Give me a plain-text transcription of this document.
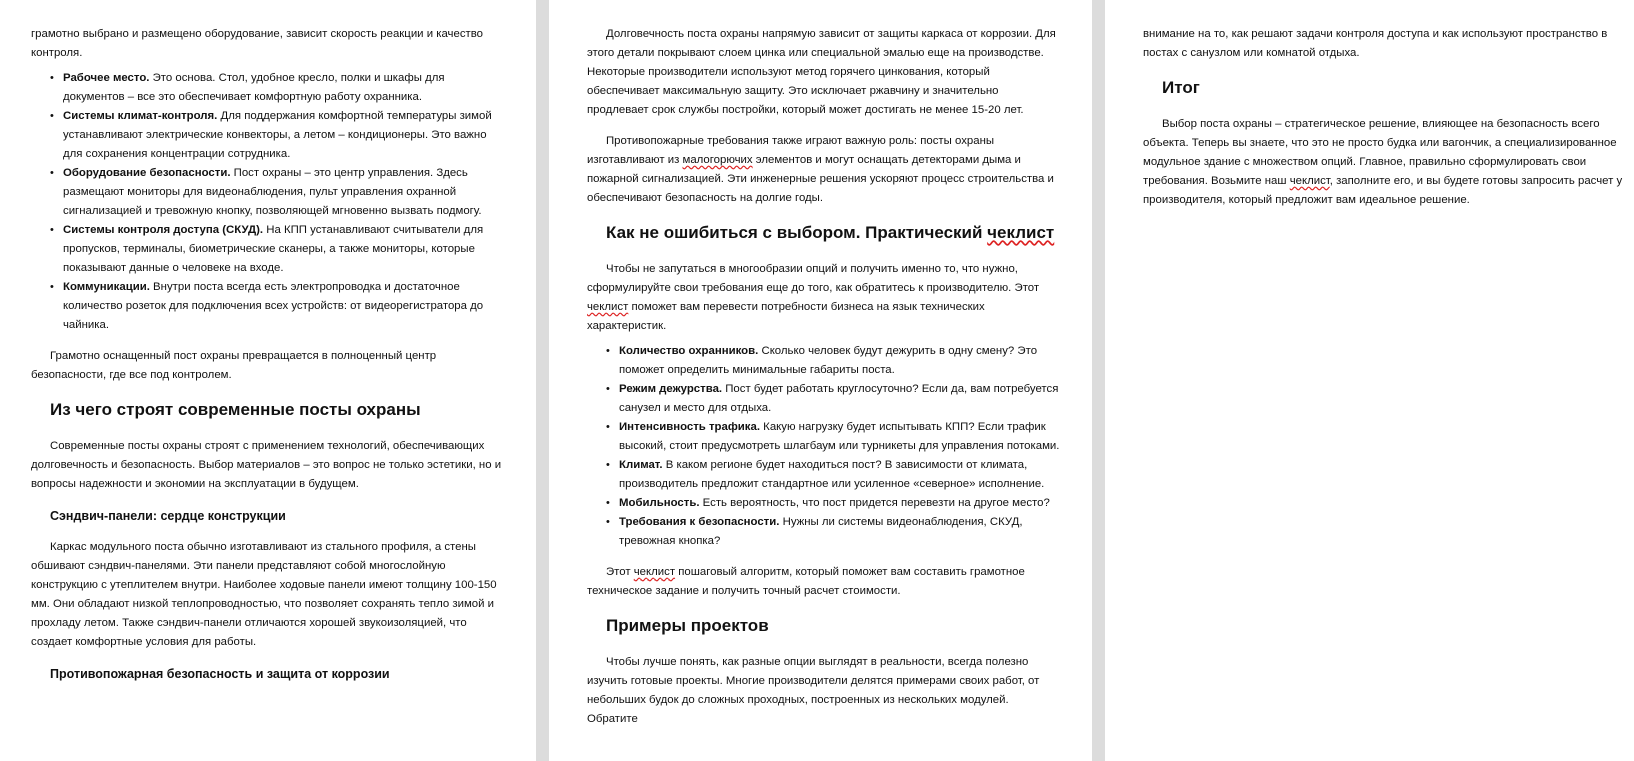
грамотно выбрано и размещено оборудование, зависит скорость реакции и качество контроля.

• Рабочее место. Это основа. Стол, удобное кресло, полки и шкафы для документов – все это обеспечивает комфортную работу охранника.
• Системы климат-контроля. Для поддержания комфортной температуры зимой устанавливают электрические конвекторы, а летом – кондиционеры. Это важно для сохранения концентрации сотрудника.
• Оборудование безопасности. Пост охраны – это центр управления. Здесь размещают мониторы для видеонаблюдения, пульт управления охранной сигнализацией и тревожную кнопку, позволяющей мгновенно вызвать подмогу.
• Системы контроля доступа (СКУД). На КПП устанавливают считыватели для пропусков, терминалы, биометрические сканеры, а также мониторы, которые показывают данные о человеке на входе.
• Коммуникации. Внутри поста всегда есть электропроводка и достаточное количество розеток для подключения всех устройств: от видеорегистратора до чайника.

Грамотно оснащенный пост охраны превращается в полноценный центр безопасности, где все под контролем.

Из чего строят современные посты охраны

Современные посты охраны строят с применением технологий, обеспечивающих долговечность и безопасность. Выбор материалов – это вопрос не только эстетики, но и вопросы надежности и экономии на эксплуатации в будущем.

Сэндвич-панели: сердце конструкции

Каркас модульного поста обычно изготавливают из стального профиля, а стены обшивают сэндвич-панелями. Эти панели представляют собой многослойную конструкцию с утеплителем внутри. Наиболее ходовые панели имеют толщину 100-150 мм. Они обладают низкой теплопроводностью, что позволяет сохранять тепло зимой и прохладу летом. Также сэндвич-панели отличаются хорошей звукоизоляцией, что создает комфортные условия для работы.

Противопожарная безопасность и защита от коррозии

Долговечность поста охраны напрямую зависит от защиты каркаса от коррозии. Для этого детали покрывают слоем цинка или специальной эмалью еще на производстве. Некоторые производители используют метод горячего цинкования, который обеспечивает максимальную защиту. Это исключает ржавчину и значительно продлевает срок службы постройки, который может достигать не менее 15-20 лет.

Противопожарные требования также играют важную роль: посты охраны изготавливают из малогорючих элементов и могут оснащать детекторами дыма и пожарной сигнализацией. Эти инженерные решения ускоряют процесс строительства и обеспечивают безопасность на долгие годы.

Как не ошибиться с выбором. Практический чеклист

Чтобы не запутаться в многообразии опций и получить именно то, что нужно, сформулируйте свои требования еще до того, как обратитесь к производителю. Этот чеклист поможет вам перевести потребности бизнеса на язык технических характеристик.

• Количество охранников. Сколько человек будут дежурить в одну смену? Это поможет определить минимальные габариты поста.
• Режим дежурства. Пост будет работать круглосуточно? Если да, вам потребуется санузел и место для отдыха.
• Интенсивность трафика. Какую нагрузку будет испытывать КПП? Если трафик высокий, стоит предусмотреть шлагбаум или турникеты для управления потоками.
• Климат. В каком регионе будет находиться пост? В зависимости от климата, производитель предложит стандартное или усиленное «северное» исполнение.
• Мобильность. Есть вероятность, что пост придется перевезти на другое место?
• Требования к безопасности. Нужны ли системы видеонаблюдения, СКУД, тревожная кнопка?

Этот чеклист пошаговый алгоритм, который поможет вам составить грамотное техническое задание и получить точный расчет стоимости.

Примеры проектов

Чтобы лучше понять, как разные опции выглядят в реальности, всегда полезно изучить готовые проекты. Многие производители делятся примерами своих работ, от небольших будок до сложных проходных, построенных из нескольких модулей. Обратите

внимание на то, как решают задачи контроля доступа и как используют пространство в постах с санузлом или комнатой отдыха.

Итог

Выбор поста охраны – стратегическое решение, влияющее на безопасность всего объекта. Теперь вы знаете, что это не просто будка или вагончик, а специализированное модульное здание с множеством опций. Главное, правильно сформулировать свои требования. Возьмите наш чеклист, заполните его, и вы будете готовы запросить расчет у производителя, который предложит вам идеальное решение.
